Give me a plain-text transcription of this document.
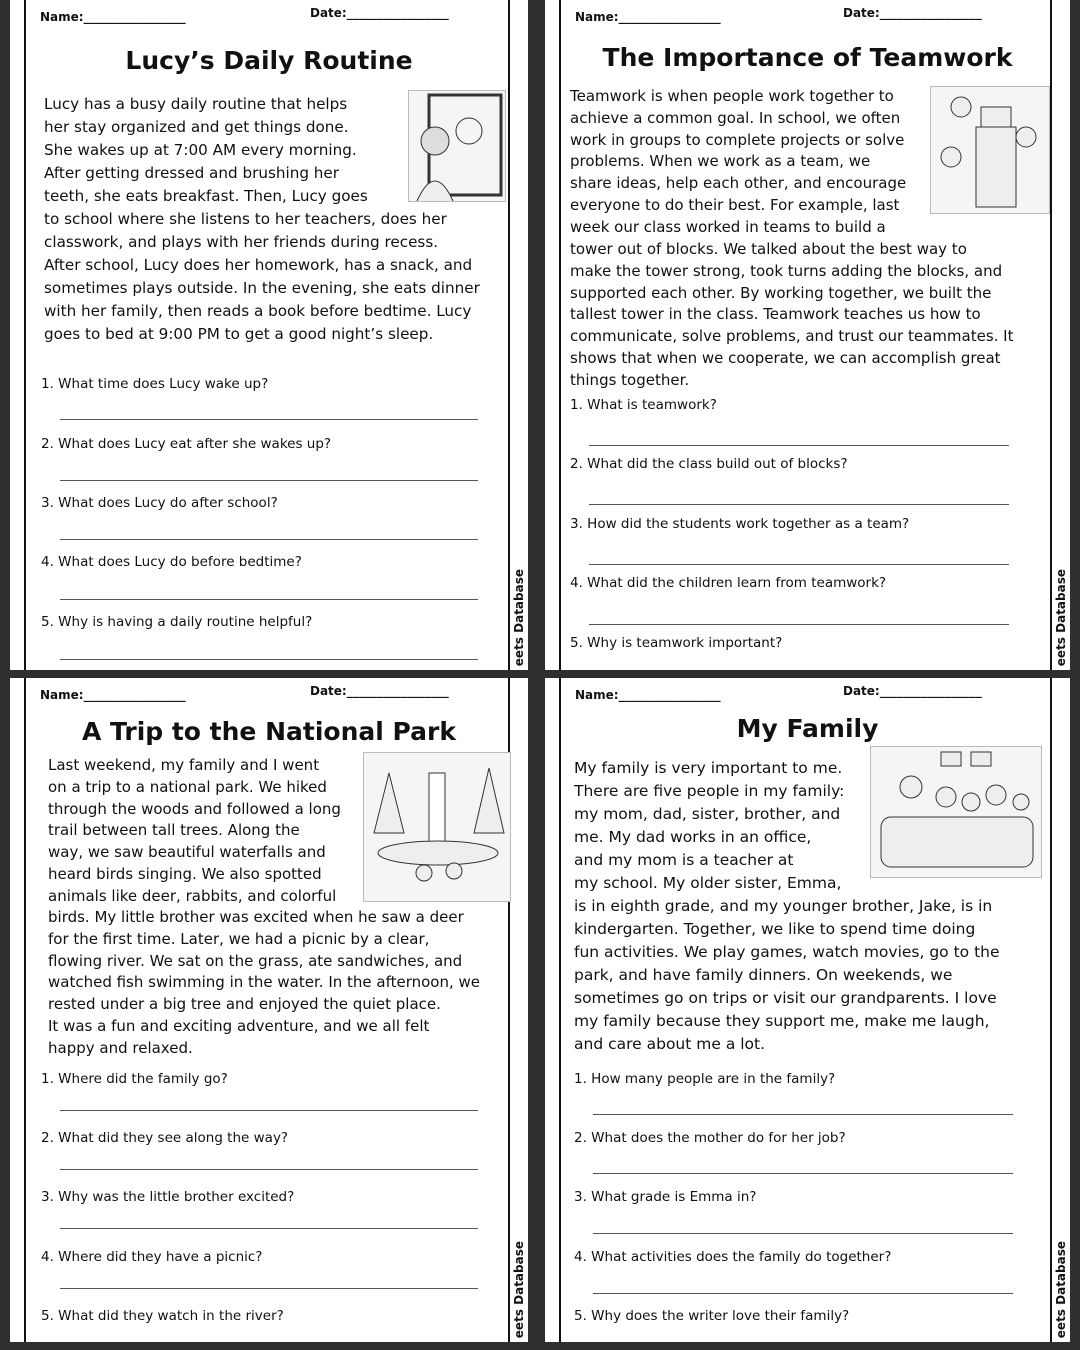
Name:_________________	Date:_________________
Lucy’s Daily Routine
Lucy has a busy daily routine that helps
her stay organized and get things done.
She wakes up at 7:00 AM every morning.
After getting dressed and brushing her
teeth, she eats breakfast. Then, Lucy goes
to school where she listens to her teachers, does her
classwork, and plays with her friends during recess.
After school, Lucy does her homework, has a snack, and
sometimes plays outside. In the evening, she eats dinner
with her family, then reads a book before bedtime. Lucy
goes to bed at 9:00 PM to get a good night’s sleep.
1. What time does Lucy wake up?
2. What does Lucy eat after she wakes up?
3. What does Lucy do after school?
4. What does Lucy do before bedtime?
5. Why is having a daily routine helpful?	eets Database
Name:_________________	Date:_________________
The Importance of Teamwork
Teamwork is when people work together to
achieve a common goal. In school, we often
work in groups to complete projects or solve
problems. When we work as a team, we
share ideas, help each other, and encourage
everyone to do their best. For example, last
week our class worked in teams to build a
tower out of blocks. We talked about the best way to
make the tower strong, took turns adding the blocks, and
supported each other. By working together, we built the
tallest tower in the class. Teamwork teaches us how to
communicate, solve problems, and trust our teammates. It
shows that when we cooperate, we can accomplish great
things together.
1. What is teamwork?
2. What did the class build out of blocks?
3. How did the students work together as a team?
4. What did the children learn from teamwork?
5. Why is teamwork important?	eets Database
Name:_________________	Date:_________________
A Trip to the National Park
Last weekend, my family and I went
on a trip to a national park. We hiked
through the woods and followed a long
trail between tall trees. Along the
way, we saw beautiful waterfalls and
heard birds singing. We also spotted
animals like deer, rabbits, and colorful
birds. My little brother was excited when he saw a deer
for the first time. Later, we had a picnic by a clear,
flowing river. We sat on the grass, ate sandwiches, and
watched fish swimming in the water. In the afternoon, we
rested under a big tree and enjoyed the quiet place.
It was a fun and exciting adventure, and we all felt
happy and relaxed.
1. Where did the family go?
2. What did they see along the way?
3. Why was the little brother excited?
4. Where did they have a picnic?
5. What did they watch in the river?	eets Database
Name:_________________	Date:_________________
My Family
My family is very important to me.
There are five people in my family:
my mom, dad, sister, brother, and
me. My dad works in an office,
and my mom is a teacher at
my school. My older sister, Emma,
is in eighth grade, and my younger brother, Jake, is in
kindergarten. Together, we like to spend time doing
fun activities. We play games, watch movies, go to the
park, and have family dinners. On weekends, we
sometimes go on trips or visit our grandparents. I love
my family because they support me, make me laugh,
and care about me a lot.
1. How many people are in the family?
2. What does the mother do for her job?
3. What grade is Emma in?
4. What activities does the family do together?
5. Why does the writer love their family?	eets Database
